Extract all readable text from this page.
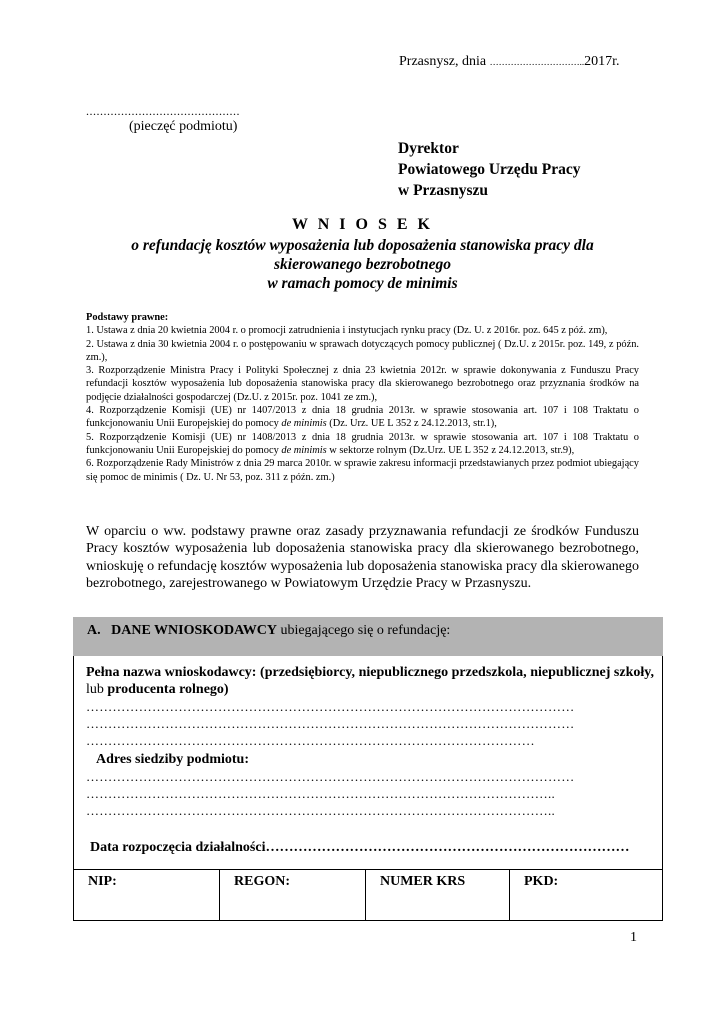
Przasnysz, dnia …………………………..2017r.
............................................
(pieczęć podmiotu)
Dyrektor
Powiatowego Urzędu Pracy
w Przasnyszu
W N I O S E K
o refundację kosztów wyposażenia lub doposażenia stanowiska pracy dla
skierowanego bezrobotnego
w ramach pomocy de minimis

Podstawy prawne:

1. Ustawa z dnia 20 kwietnia 2004 r. o promocji zatrudnienia i instytucjach rynku pracy (Dz. U. z 2016r. poz. 645 z póź. zm),

2. Ustawa z dnia 30 kwietnia 2004 r. o postępowaniu w sprawach dotyczących pomocy publicznej ( Dz.U. z 2015r. poz. 149, z późn. zm.),

3. Rozporządzenie Ministra Pracy i Polityki Społecznej z dnia 23 kwietnia 2012r. w sprawie dokonywania z Funduszu Pracy refundacji kosztów wyposażenia lub doposażenia stanowiska pracy dla skierowanego bezrobotnego oraz przyznania środków na podjęcie działalności gospodarczej (Dz.U. z 2015r. poz. 1041 ze zm.),

4. Rozporządzenie Komisji (UE) nr 1407/2013 z dnia 18 grudnia 2013r. w sprawie stosowania art. 107 i 108 Traktatu o funkcjonowaniu Unii Europejskiej do pomocy de minimis (Dz. Urz. UE L 352 z 24.12.2013, str.1),

5. Rozporządzenie Komisji (UE) nr 1408/2013 z dnia 18 grudnia 2013r. w sprawie stosowania art. 107 i 108 Traktatu o funkcjonowaniu Unii Europejskiej do pomocy de minimis w sektorze rolnym (Dz.Urz. UE L 352 z 24.12.2013, str.9),

6. Rozporządzenie Rady Ministrów z dnia 29 marca 2010r. w sprawie zakresu informacji przedstawianych przez podmiot ubiegający się pomoc de minimis ( Dz. U. Nr 53, poz. 311 z późn. zm.)

W oparciu o ww. podstawy prawne oraz zasady przyznawania refundacji ze środków Funduszu Pracy kosztów wyposażenia lub doposażenia stanowiska pracy dla skierowanego bezrobotnego, wnioskuję o refundację kosztów wyposażenia lub doposażenia stanowiska pracy dla skierowanego bezrobotnego, zarejestrowanego w Powiatowym Urzędzie Pracy w Przasnyszu.
A. DANE WNIOSKODAWCY ubiegającego się o refundację:
Pełna nazwa wnioskodawcy: (przedsiębiorcy, niepublicznego przedszkola, niepublicznej szkoły, lub producenta rolnego)
…………………………………………………………………………………………………
…………………………………………………………………………………………………
…………………………………………………………………………………………
Adres siedziby podmiotu:
…………………………………………………………………………………………………
……………………………………………………………………………………………..
……………………………………………………………………………………………..
Data rozpoczęcia działalności……………………………………………………………………
NIP:	REGON:	NUMER KRS	PKD:
1
